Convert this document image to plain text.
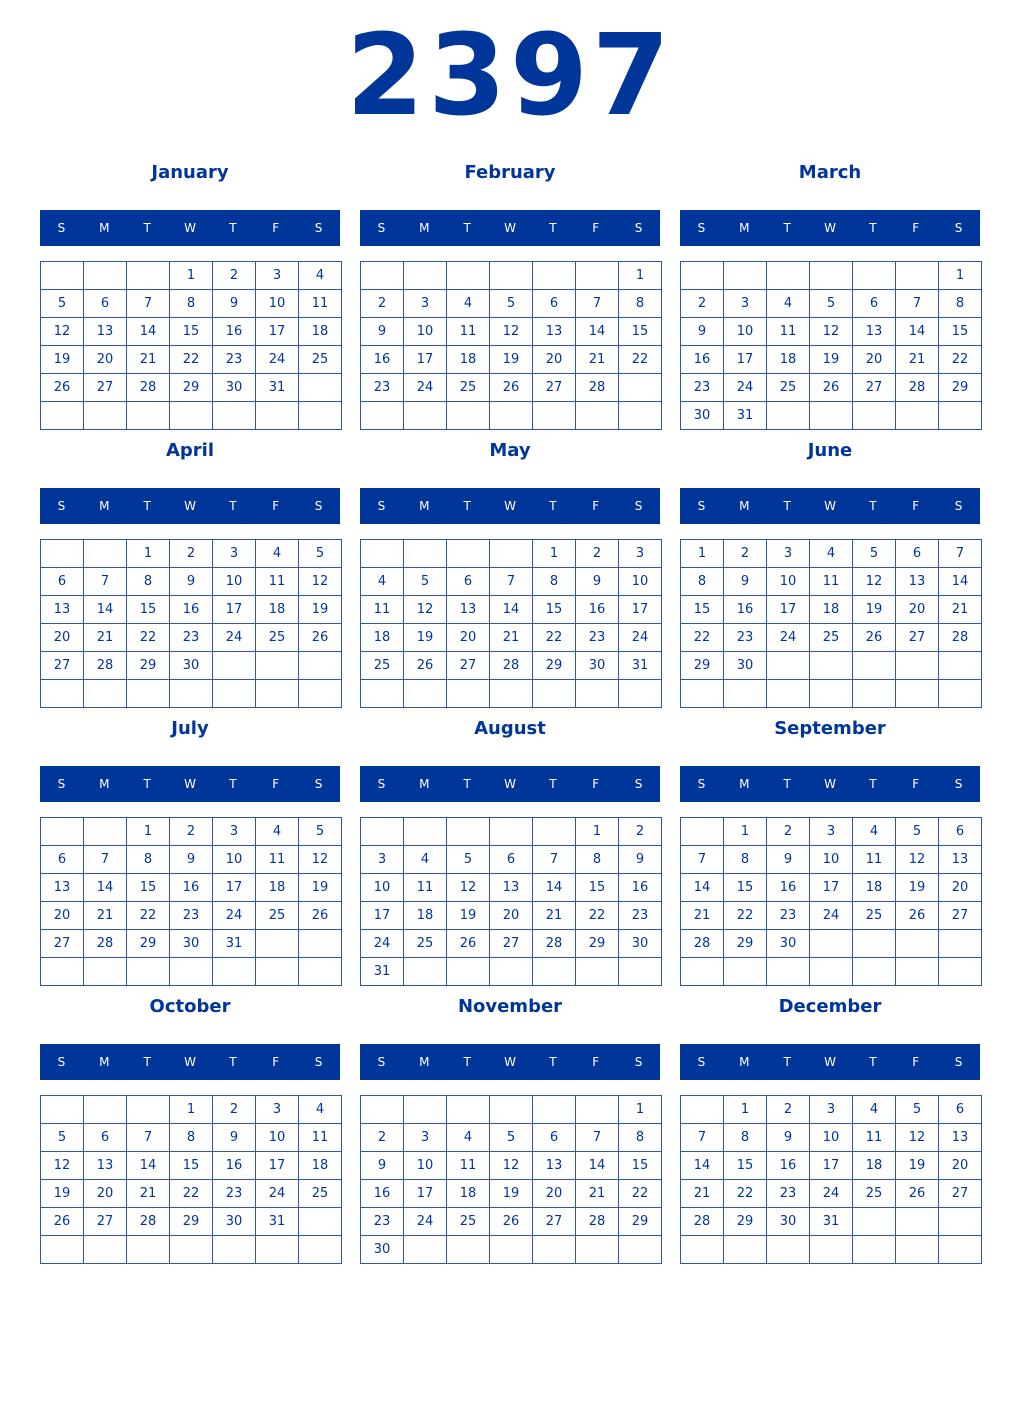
2397
January
S	M	T	W	T	F	S
			1	2	3	4
5	6	7	8	9	10	11
12	13	14	15	16	17	18
19	20	21	22	23	24	25
26	27	28	29	30	31	

February
S	M	T	W	T	F	S
						1
2	3	4	5	6	7	8
9	10	11	12	13	14	15
16	17	18	19	20	21	22
23	24	25	26	27	28	

March
S	M	T	W	T	F	S
						1
2	3	4	5	6	7	8
9	10	11	12	13	14	15
16	17	18	19	20	21	22
23	24	25	26	27	28	29
30	31					
April
S	M	T	W	T	F	S
		1	2	3	4	5
6	7	8	9	10	11	12
13	14	15	16	17	18	19
20	21	22	23	24	25	26
27	28	29	30			

May
S	M	T	W	T	F	S
				1	2	3
4	5	6	7	8	9	10
11	12	13	14	15	16	17
18	19	20	21	22	23	24
25	26	27	28	29	30	31

June
S	M	T	W	T	F	S
1	2	3	4	5	6	7
8	9	10	11	12	13	14
15	16	17	18	19	20	21
22	23	24	25	26	27	28
29	30					

July
S	M	T	W	T	F	S
		1	2	3	4	5
6	7	8	9	10	11	12
13	14	15	16	17	18	19
20	21	22	23	24	25	26
27	28	29	30	31		

August
S	M	T	W	T	F	S
					1	2
3	4	5	6	7	8	9
10	11	12	13	14	15	16
17	18	19	20	21	22	23
24	25	26	27	28	29	30
31						
September
S	M	T	W	T	F	S
	1	2	3	4	5	6
7	8	9	10	11	12	13
14	15	16	17	18	19	20
21	22	23	24	25	26	27
28	29	30				

October
S	M	T	W	T	F	S
			1	2	3	4
5	6	7	8	9	10	11
12	13	14	15	16	17	18
19	20	21	22	23	24	25
26	27	28	29	30	31	

November
S	M	T	W	T	F	S
						1
2	3	4	5	6	7	8
9	10	11	12	13	14	15
16	17	18	19	20	21	22
23	24	25	26	27	28	29
30						
December
S	M	T	W	T	F	S
	1	2	3	4	5	6
7	8	9	10	11	12	13
14	15	16	17	18	19	20
21	22	23	24	25	26	27
28	29	30	31			
